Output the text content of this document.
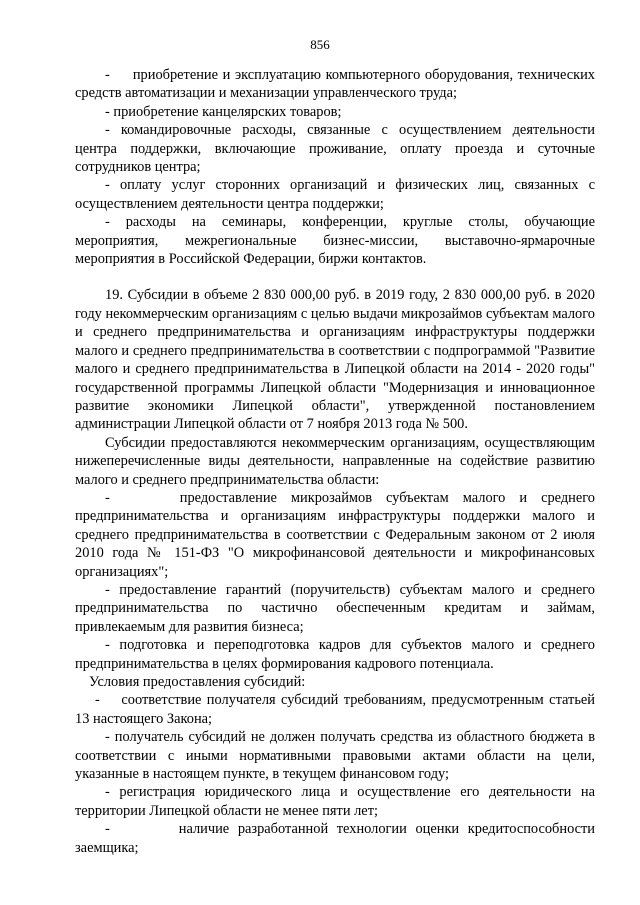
856

-     приобретение и эксплуатацию компьютерного оборудования, технических средств автоматизации и механизации управленческого труда;

- приобретение канцелярских товаров;

- командировочные расходы, связанные с осуществлением деятельности центра поддержки, включающие проживание, оплату проезда и суточные сотрудников центра;

- оплату услуг сторонних организаций и физических лиц, связанных с осуществлением деятельности центра поддержки;

- расходы на семинары, конференции, круглые столы, обучающие мероприятия, межрегиональные бизнес-миссии, выставочно-ярмарочные мероприятия в Российской Федерации, биржи контактов.

19. Субсидии в объеме 2 830 000,00 руб. в 2019 году, 2 830 000,00 руб. в 2020 году некоммерческим организациям с целью выдачи микрозаймов субъектам малого и среднего предпринимательства и организациям инфраструктуры поддержки малого и среднего предпринимательства в соответствии с подпрограммой "Развитие малого и среднего предпринимательства в Липецкой области на 2014 - 2020 годы" государственной программы Липецкой области "Модернизация и инновационное развитие экономики Липецкой области", утвержденной постановлением администрации Липецкой области от 7 ноября 2013 года № 500.

Субсидии предоставляются некоммерческим организациям, осуществляющим нижеперечисленные виды деятельности, направленные на содействие развитию малого и среднего предпринимательства области:

-     предоставление микрозаймов субъектам малого и среднего предпринимательства и организациям инфраструктуры поддержки малого и среднего предпринимательства в соответствии с Федеральным законом от 2 июля 2010 года № 151-ФЗ "О микрофинансовой деятельности и микрофинансовых организациях";

- предоставление гарантий (поручительств) субъектам малого и среднего предпринимательства по частично обеспеченным кредитам и займам, привлекаемым для развития бизнеса;

- подготовка и переподготовка кадров для субъектов малого и среднего предпринимательства в целях формирования кадрового потенциала.

Условия предоставления субсидий:

-    соответствие получателя субсидий требованиям, предусмотренным статьей 13 настоящего Закона;

- получатель субсидий не должен получать средства из областного бюджета в соответствии с иными нормативными правовыми актами области на цели, указанные в настоящем пункте, в текущем финансовом году;

- регистрация юридического лица и осуществление его деятельности на территории Липецкой области не менее пяти лет;

-        наличие разработанной технологии оценки кредитоспособности заемщика;
